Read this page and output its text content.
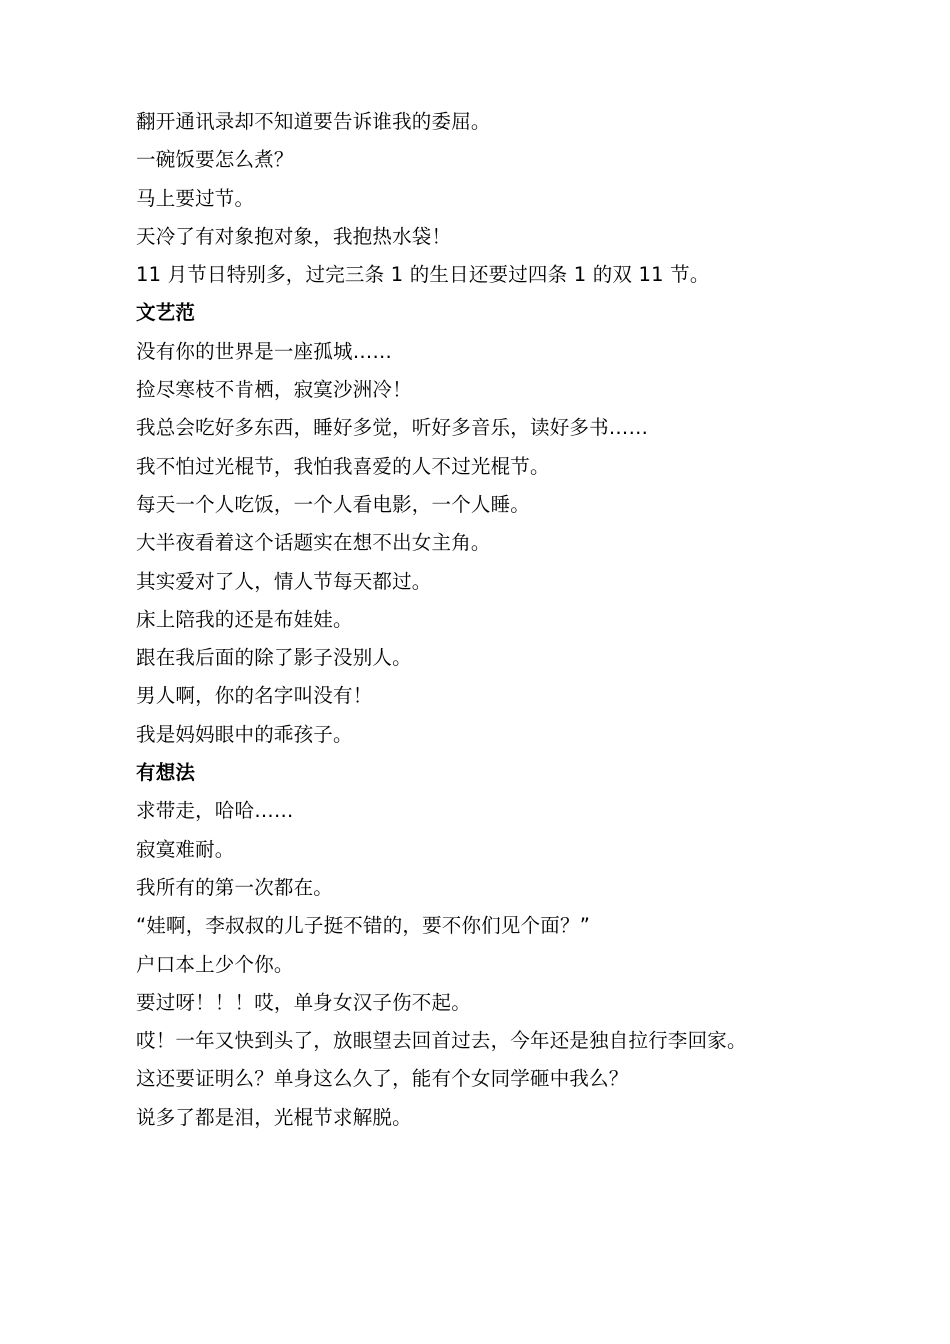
翻开通讯录却不知道要告诉谁我的委屈。
一碗饭要怎么煮？
马上要过节。
天冷了有对象抱对象，我抱热水袋！
11 月节日特别多，过完三条 1 的生日还要过四条 1 的双 11 节。
文艺范
没有你的世界是一座孤城……
捡尽寒枝不肯栖，寂寞沙洲冷！
我总会吃好多东西，睡好多觉，听好多音乐，读好多书……
我不怕过光棍节，我怕我喜爱的人不过光棍节。
每天一个人吃饭，一个人看电影，一个人睡。
大半夜看着这个话题实在想不出女主角。
其实爱对了人，情人节每天都过。
床上陪我的还是布娃娃。
跟在我后面的除了影子没别人。
男人啊，你的名字叫没有！
我是妈妈眼中的乖孩子。
有想法
求带走，哈哈……
寂寞难耐。
我所有的第一次都在。
“娃啊，李叔叔的儿子挺不错的，要不你们见个面？”
户口本上少个你。
要过呀！！！哎，单身女汉子伤不起。
哎！一年又快到头了，放眼望去回首过去，今年还是独自拉行李回家。
这还要证明么？单身这么久了，能有个女同学砸中我么？
说多了都是泪，光棍节求解脱。
